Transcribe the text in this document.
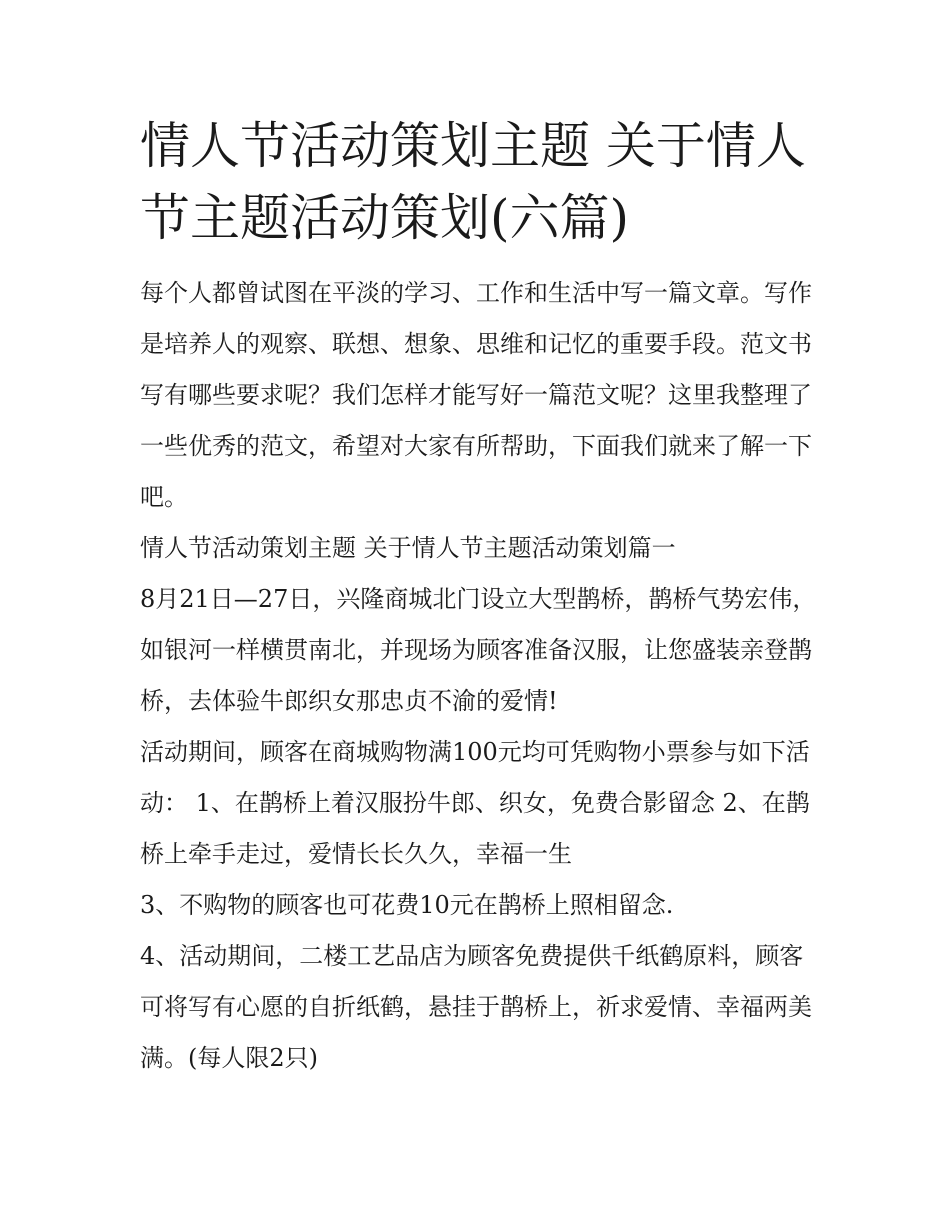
情人节活动策划主题 关于情人节主题活动策划(六篇)

每个人都曾试图在平淡的学习、工作和生活中写一篇文章。写作是培养人的观察、联想、想象、思维和记忆的重要手段。范文书写有哪些要求呢？我们怎样才能写好一篇范文呢？这里我整理了一些优秀的范文，希望对大家有所帮助，下面我们就来了解一下吧。

情人节活动策划主题 关于情人节主题活动策划篇一

8月21日—27日，兴隆商城北门设立大型鹊桥，鹊桥气势宏伟，如银河一样横贯南北，并现场为顾客准备汉服，让您盛装亲登鹊桥，去体验牛郎织女那忠贞不渝的爱情!

活动期间，顾客在商城购物满100元均可凭购物小票参与如下活动： 1、在鹊桥上着汉服扮牛郎、织女，免费合影留念 2、在鹊桥上牵手走过，爱情长长久久，幸福一生

3、不购物的顾客也可花费10元在鹊桥上照相留念.

4、活动期间，二楼工艺品店为顾客免费提供千纸鹤原料，顾客可将写有心愿的自折纸鹤，悬挂于鹊桥上，祈求爱情、幸福两美满。(每人限2只)
